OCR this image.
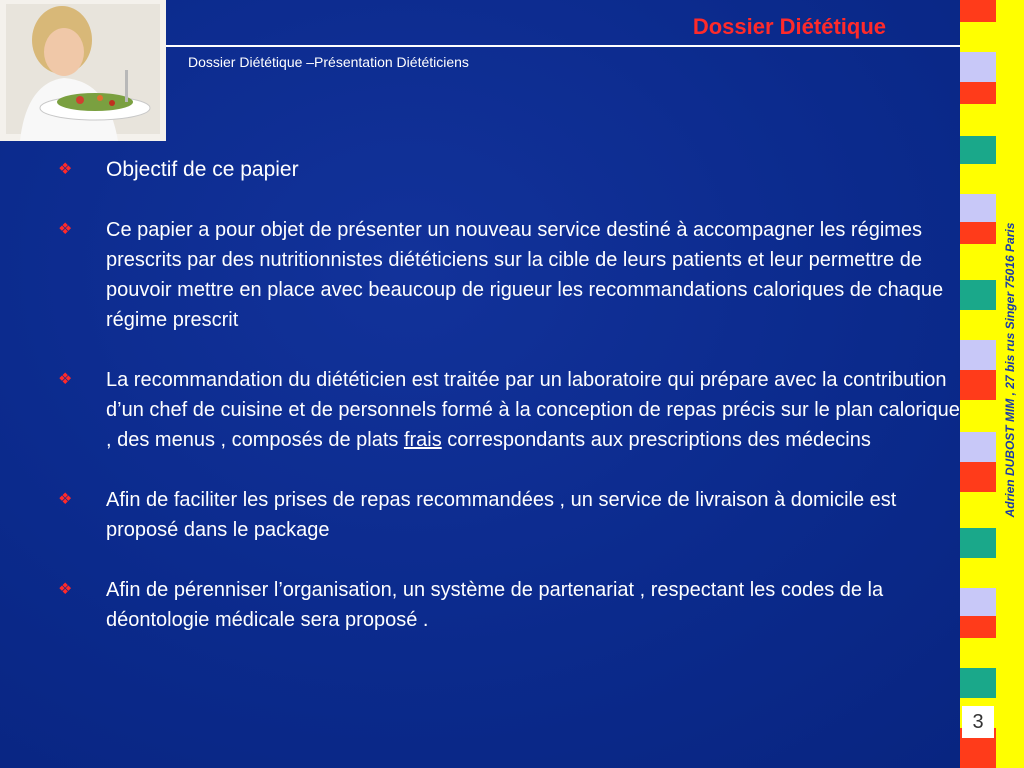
Dossier Diététique
Dossier Diététique –Présentation Diététiciens
❖	Objectif de ce papier

❖	Ce papier a pour objet de présenter un nouveau service destiné à accompagner les régimes prescrits par des nutritionnistes diététiciens sur la cible de leurs patients et leur permettre de pouvoir mettre en place avec beaucoup de rigueur les recommandations caloriques de chaque régime prescrit

❖	La recommandation du diététicien est traitée par un laboratoire qui prépare avec la contribution d’un chef de cuisine et de personnels formé à la conception de repas précis sur le plan calorique , des menus , composés de plats frais correspondants aux prescriptions des médecins

❖	Afin de faciliter les prises de repas recommandées , un service de livraison à domicile est proposé dans le package

❖	Afin de pérenniser l’organisation, un système de partenariat , respectant les codes de la déontologie médicale sera proposé .

Adrien DUBOST MIM , 27 bis rus Singer 75016 Paris
3
